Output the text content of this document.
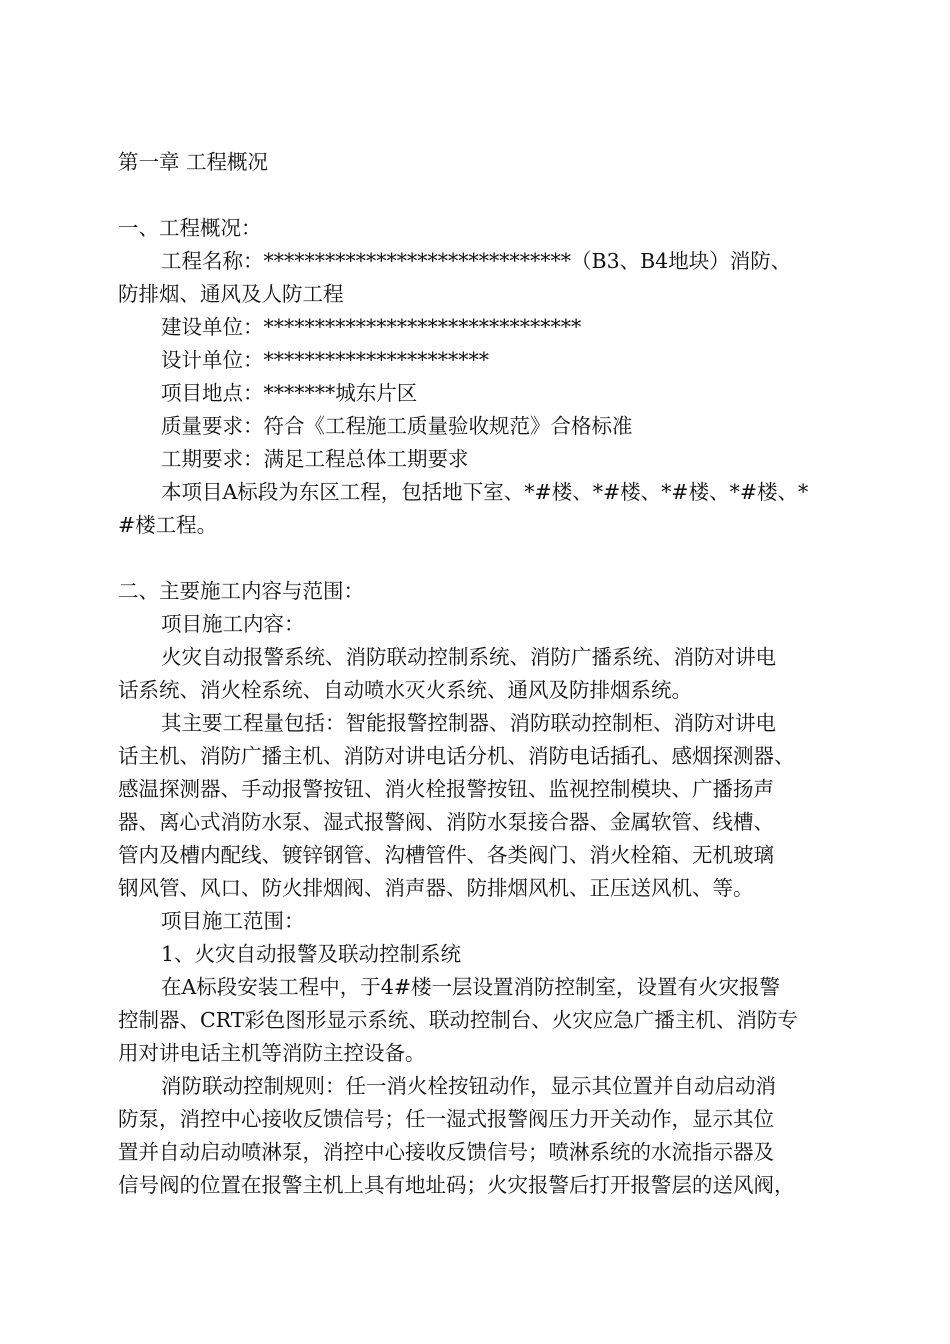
第一章 工程概况
一、工程概况：
工程名称：******************************（B3、B4地块）消防、
防排烟、通风及人防工程
建设单位：*******************************
设计单位：**********************
项目地点：*******城东片区
质量要求：符合《工程施工质量验收规范》合格标准
工期要求：满足工程总体工期要求
本项目A标段为东区工程，包括地下室、*#楼、*#楼、*#楼、*#楼、*
#楼工程。
二、主要施工内容与范围：
项目施工内容：
火灾自动报警系统、消防联动控制系统、消防广播系统、消防对讲电
话系统、消火栓系统、自动喷水灭火系统、通风及防排烟系统。
其主要工程量包括：智能报警控制器、消防联动控制柜、消防对讲电
话主机、消防广播主机、消防对讲电话分机、消防电话插孔、感烟探测器、
感温探测器、手动报警按钮、消火栓报警按钮、监视控制模块、广播扬声
器、离心式消防水泵、湿式报警阀、消防水泵接合器、金属软管、线槽、
管内及槽内配线、镀锌钢管、沟槽管件、各类阀门、消火栓箱、无机玻璃
钢风管、风口、防火排烟阀、消声器、防排烟风机、正压送风机、等。
项目施工范围：
1、火灾自动报警及联动控制系统
在A标段安装工程中，于4#楼一层设置消防控制室，设置有火灾报警
控制器、CRT彩色图形显示系统、联动控制台、火灾应急广播主机、消防专
用对讲电话主机等消防主控设备。
消防联动控制规则：任一消火栓按钮动作，显示其位置并自动启动消
防泵，消控中心接收反馈信号；任一湿式报警阀压力开关动作，显示其位
置并自动启动喷淋泵，消控中心接收反馈信号；喷淋系统的水流指示器及
信号阀的位置在报警主机上具有地址码；火灾报警后打开报警层的送风阀，
